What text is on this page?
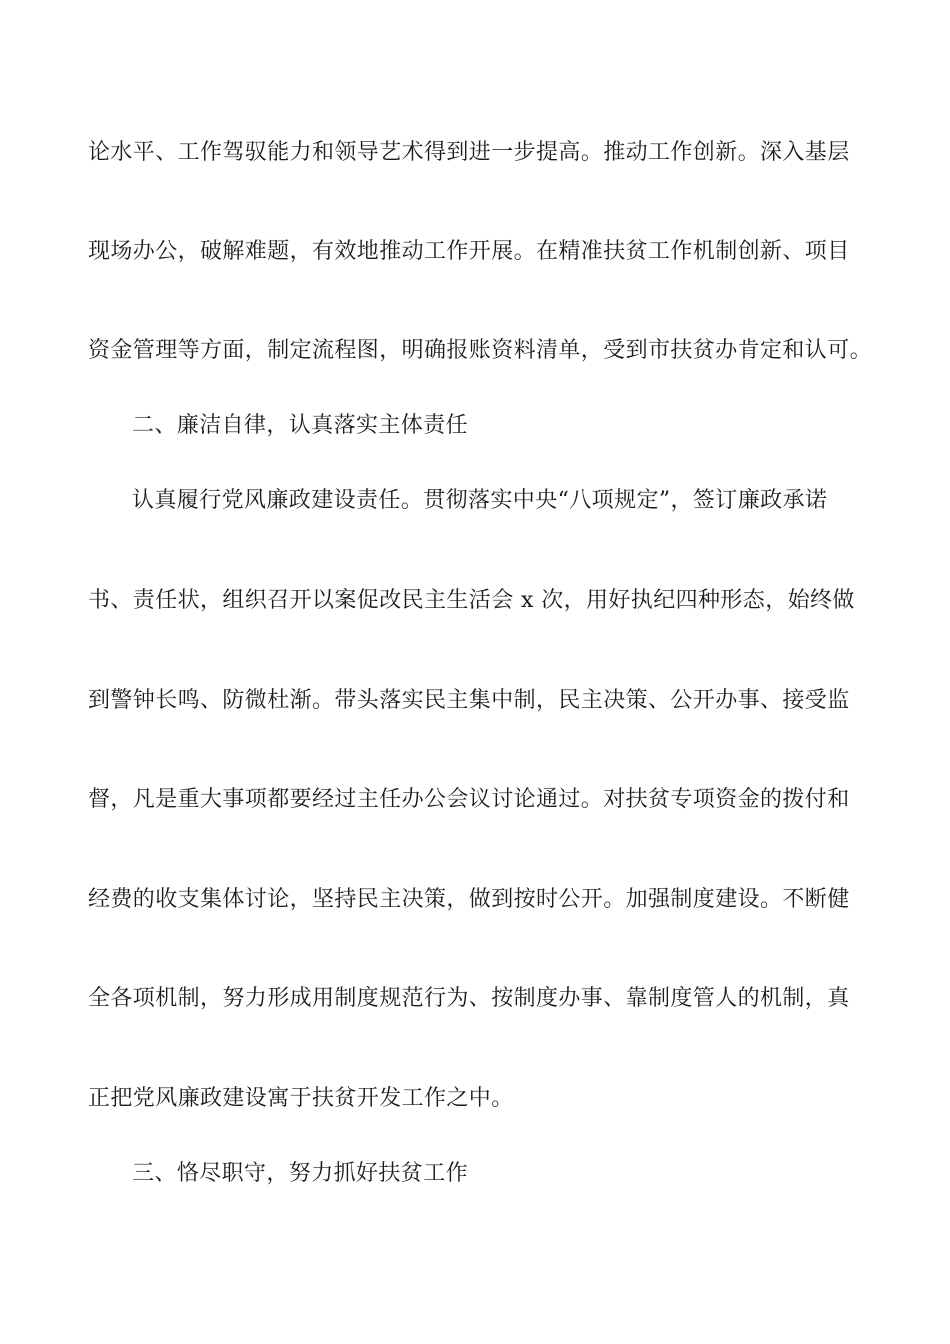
论水平、工作驾驭能力和领导艺术得到进一步提高。推动工作创新。深入基层
现场办公，破解难题，有效地推动工作开展。在精准扶贫工作机制创新、项目
资金管理等方面，制定流程图，明确报账资料清单，受到市扶贫办肯定和认可。
二、廉洁自律，认真落实主体责任
认真履行党风廉政建设责任。贯彻落实中央“八项规定”，签订廉政承诺
书、责任状，组织召开以案促改民主生活会 x 次，用好执纪四种形态，始终做
到警钟长鸣、防微杜渐。带头落实民主集中制，民主决策、公开办事、接受监
督，凡是重大事项都要经过主任办公会议讨论通过。对扶贫专项资金的拨付和
经费的收支集体讨论，坚持民主决策，做到按时公开。加强制度建设。不断健
全各项机制，努力形成用制度规范行为、按制度办事、靠制度管人的机制，真
正把党风廉政建设寓于扶贫开发工作之中。
三、恪尽职守，努力抓好扶贫工作
